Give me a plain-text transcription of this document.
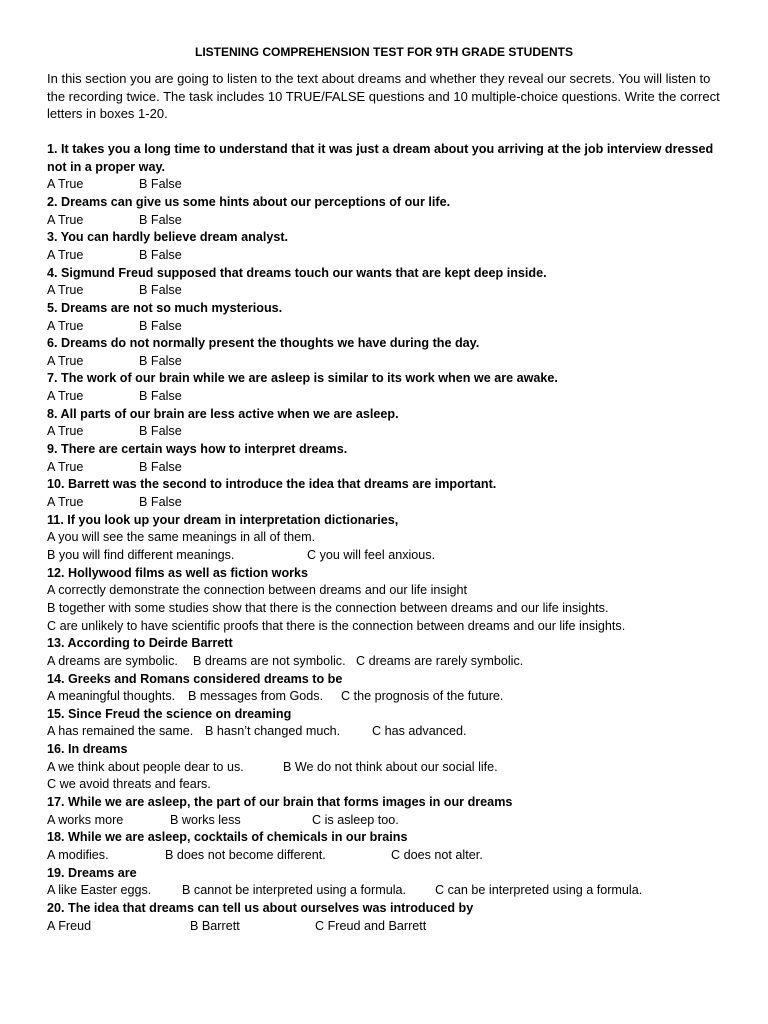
LISTENING COMPREHENSION TEST FOR 9TH GRADE STUDENTS
In this section you are going to listen to the text about dreams and whether they reveal our secrets. You will listen to the recording twice. The task includes 10 TRUE/FALSE questions and 10 multiple-choice questions. Write the correct letters in boxes 1-20.
1. It takes you a long time to understand that it was just a dream about you arriving at the job interview dressed not in a proper way.
A True	B False
2. Dreams can give us some hints about our perceptions of our life.
A True	B False
3. You can hardly believe dream analyst.
A True	B False
4. Sigmund Freud supposed that dreams touch our wants that are kept deep inside.
A True	B False
5. Dreams are not so much mysterious.
A True	B False
6. Dreams do not normally present the thoughts we have during the day.
A True	B False
7. The work of our brain while we are asleep is similar to its work when we are awake.
A True	B False
8. All parts of our brain are less active when we are asleep.
A True	B False
9. There are certain ways how to interpret dreams.
A True	B False
10. Barrett was the second to introduce the idea that dreams are important.
A True	B False
11. If you look up your dream in interpretation dictionaries,
A you will see the same meanings in all of them.
B you will find different meanings.	C you will feel anxious.
12. Hollywood films as well as fiction works
A correctly demonstrate the connection between dreams and our life insight
B together with some studies show that there is the connection between dreams and our life insights.
C are unlikely to have scientific proofs that there is the connection between dreams and our life insights.
13. According to Deirde Barrett
A dreams are symbolic. B dreams are not symbolic. C dreams are rarely symbolic.
14. Greeks and Romans considered dreams to be
A meaningful thoughts. B messages from Gods. C the prognosis of the future.
15. Since Freud the science on dreaming
A has remained the same. B hasn’t changed much.	C has advanced.
16. In dreams
A we think about people dear to us.	B We do not think about our social life.
C we avoid threats and fears.
17. While we are asleep, the part of our brain that forms images in our dreams
A works more	B works less	C is asleep too.
18. While we are asleep, cocktails of chemicals in our brains
A modifies.	B does not become different.	C does not alter.
19. Dreams are
A like Easter eggs. B cannot be interpreted using a formula. C can be interpreted using a formula.
20. The idea that dreams can tell us about ourselves was introduced by
A Freud	B Barrett	C Freud and Barrett
